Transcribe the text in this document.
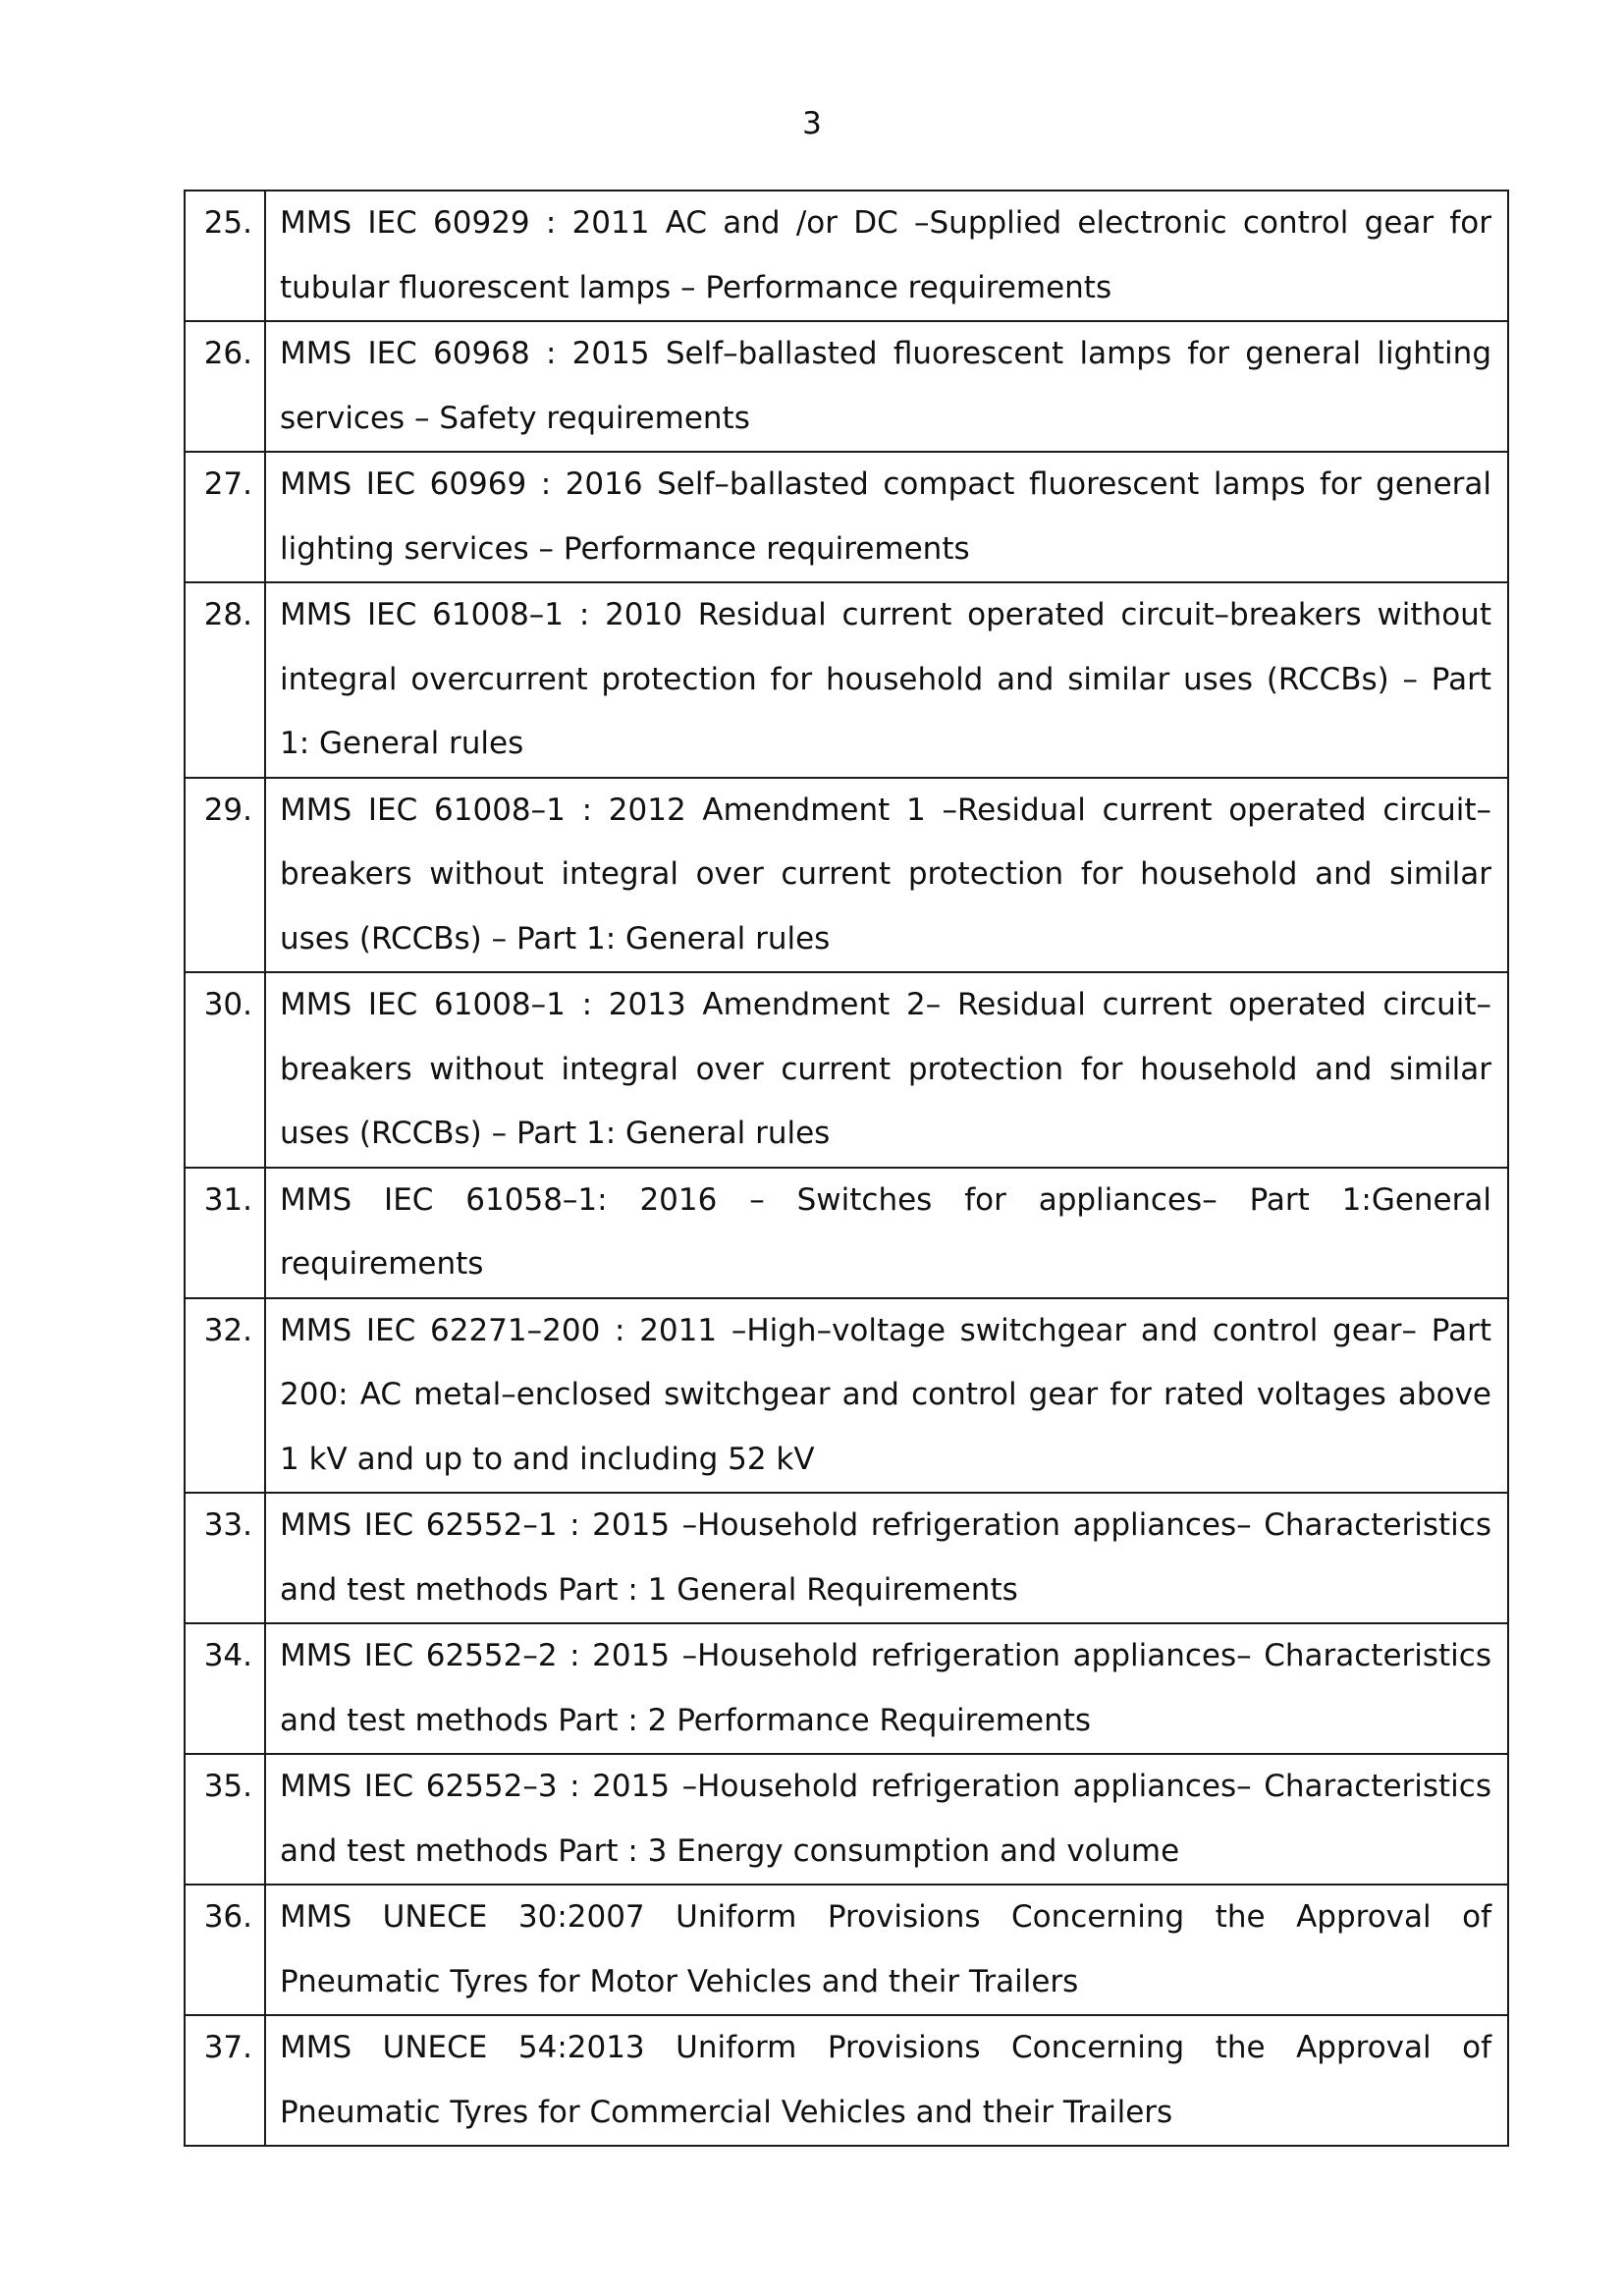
3
25.	MMS IEC 60929 : 2011 AC and /or DC –Supplied electronic control gear for tubular fluorescent lamps – Performance requirements
26.	MMS IEC 60968 : 2015 Self–ballasted fluorescent lamps for general lighting services – Safety requirements
27.	MMS IEC 60969 : 2016 Self–ballasted compact fluorescent lamps for general lighting services – Performance requirements
28.	MMS IEC 61008–1 : 2010 Residual current operated circuit–breakers without integral overcurrent protection for household and similar uses (RCCBs) – Part 1: General rules
29.	MMS IEC 61008–1 : 2012 Amendment 1 –Residual current operated circuit–breakers without integral over current protection for household and similar uses (RCCBs) – Part 1: General rules
30.	MMS IEC 61008–1 : 2013 Amendment 2– Residual current operated circuit–breakers without integral over current protection for household and similar uses (RCCBs) – Part 1: General rules
31.	MMS IEC 61058–1: 2016 – Switches for appliances– Part 1:General requirements
32.	MMS IEC 62271–200 : 2011 –High–voltage switchgear and control gear– Part 200: AC metal–enclosed switchgear and control gear for rated voltages above 1 kV and up to and including 52 kV
33.	MMS IEC 62552–1 : 2015 –Household refrigeration appliances– Characteristics and test methods Part : 1 General Requirements
34.	MMS IEC 62552–2 : 2015 –Household refrigeration appliances– Characteristics and test methods Part : 2 Performance Requirements
35.	MMS IEC 62552–3 : 2015 –Household refrigeration appliances– Characteristics and test methods Part : 3 Energy consumption and volume
36.	MMS UNECE 30:2007 Uniform Provisions Concerning the Approval of Pneumatic Tyres for Motor Vehicles and their Trailers
37.	MMS UNECE 54:2013 Uniform Provisions Concerning the Approval of Pneumatic Tyres for Commercial Vehicles and their Trailers
